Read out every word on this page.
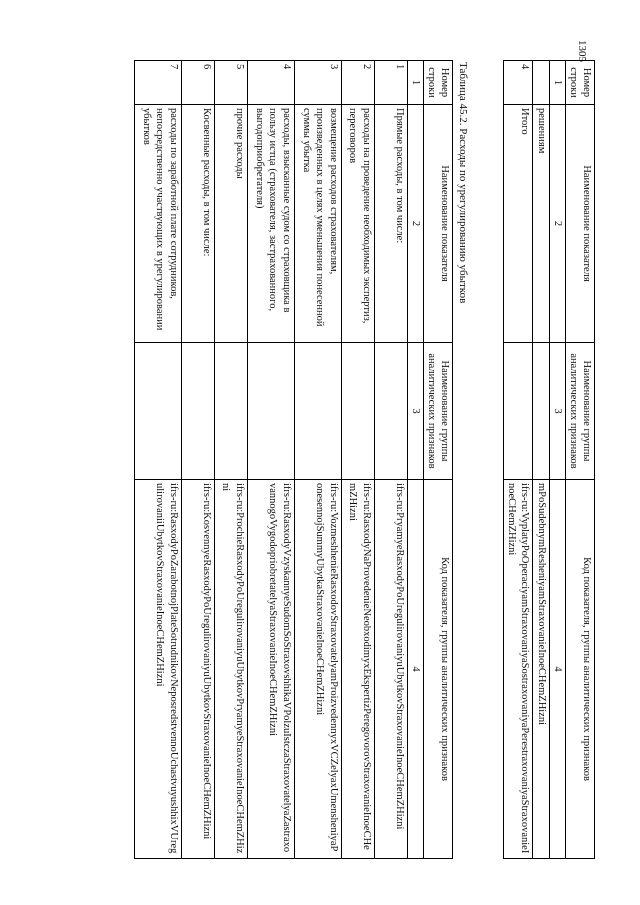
1305
Номер строки	Наименование показателя	Наименование группы аналитических признаков	Код показателя, группы аналитических признаков
1	2	3	4
	решениям		mPoSudebnymResheniyamStraxovanieInoeCHemZHizni
4	Итого		ifrs-ru:VyplatyPoOperaciyamStraxovaniyaSostraxovaniyaPerestraxovaniyaStraxovanieInoeCHemZHizni
Таблица 45.2. Расходы по урегулированию убытков
Номер строки	Наименование показателя	Наименование группы аналитических признаков	Код показателя, группы аналитических признаков
1	2	3	4
1	Прямые расходы, в том числе:		ifrs-ru:PryamyeRasxodyPoUregulirovaniyuUbytkovStraxovanieInoeCHemZHizni
2	расходы на проведение необходимых экспертиз, переговоров		ifrs-ru:RasxodyNaProvedenieNeobxodimyxEkspertizPeregovorovStraxovanieInoeCHemZHizni
3	возмещение расходов страхователям, произведенных в целях уменьшения понесенной суммы убытка		ifrs-ru:VozmeshhenieRasxodovStraxovatelyamProizvedennyxVCZelyaxUmensheniyaPonesennojSummyUbytkaStraxovanieInoeCHemZHizni
4	расходы, взысканные судом со страховщика в пользу истца (страхователя, застрахованного, выгодоприобретателя)		ifrs-ru:RasxodyVzyskannyeSudomSoStraxovshhikaVPolzuIstczaStraxovatelyaZastraxovannogoVygodopriobretatelyaStraxovanieInoeCHemZHizni
5	прочие расходы		ifrs-ru:ProchieRasxodyPoUregulirovaniyuUbytkovPryamyeStraxovanieInoeCHemZHizni
6	Косвенные расходы, в том числе:		ifrs-ru:KosvennyeRasxodyPoUregulirovaniyuUbytkovStraxovanieInoeCHemZHizni
7	расходы по заработной плате сотрудников, непосредственно участвующих в урегулировании убытков		ifrs-ru:RasxodyPoZarabotnojPlateSotrudnikovNeposredstvennoUchastvuyushhixVUregulirovaniiUbytkovStraxovanieInoeCHemZHizni
